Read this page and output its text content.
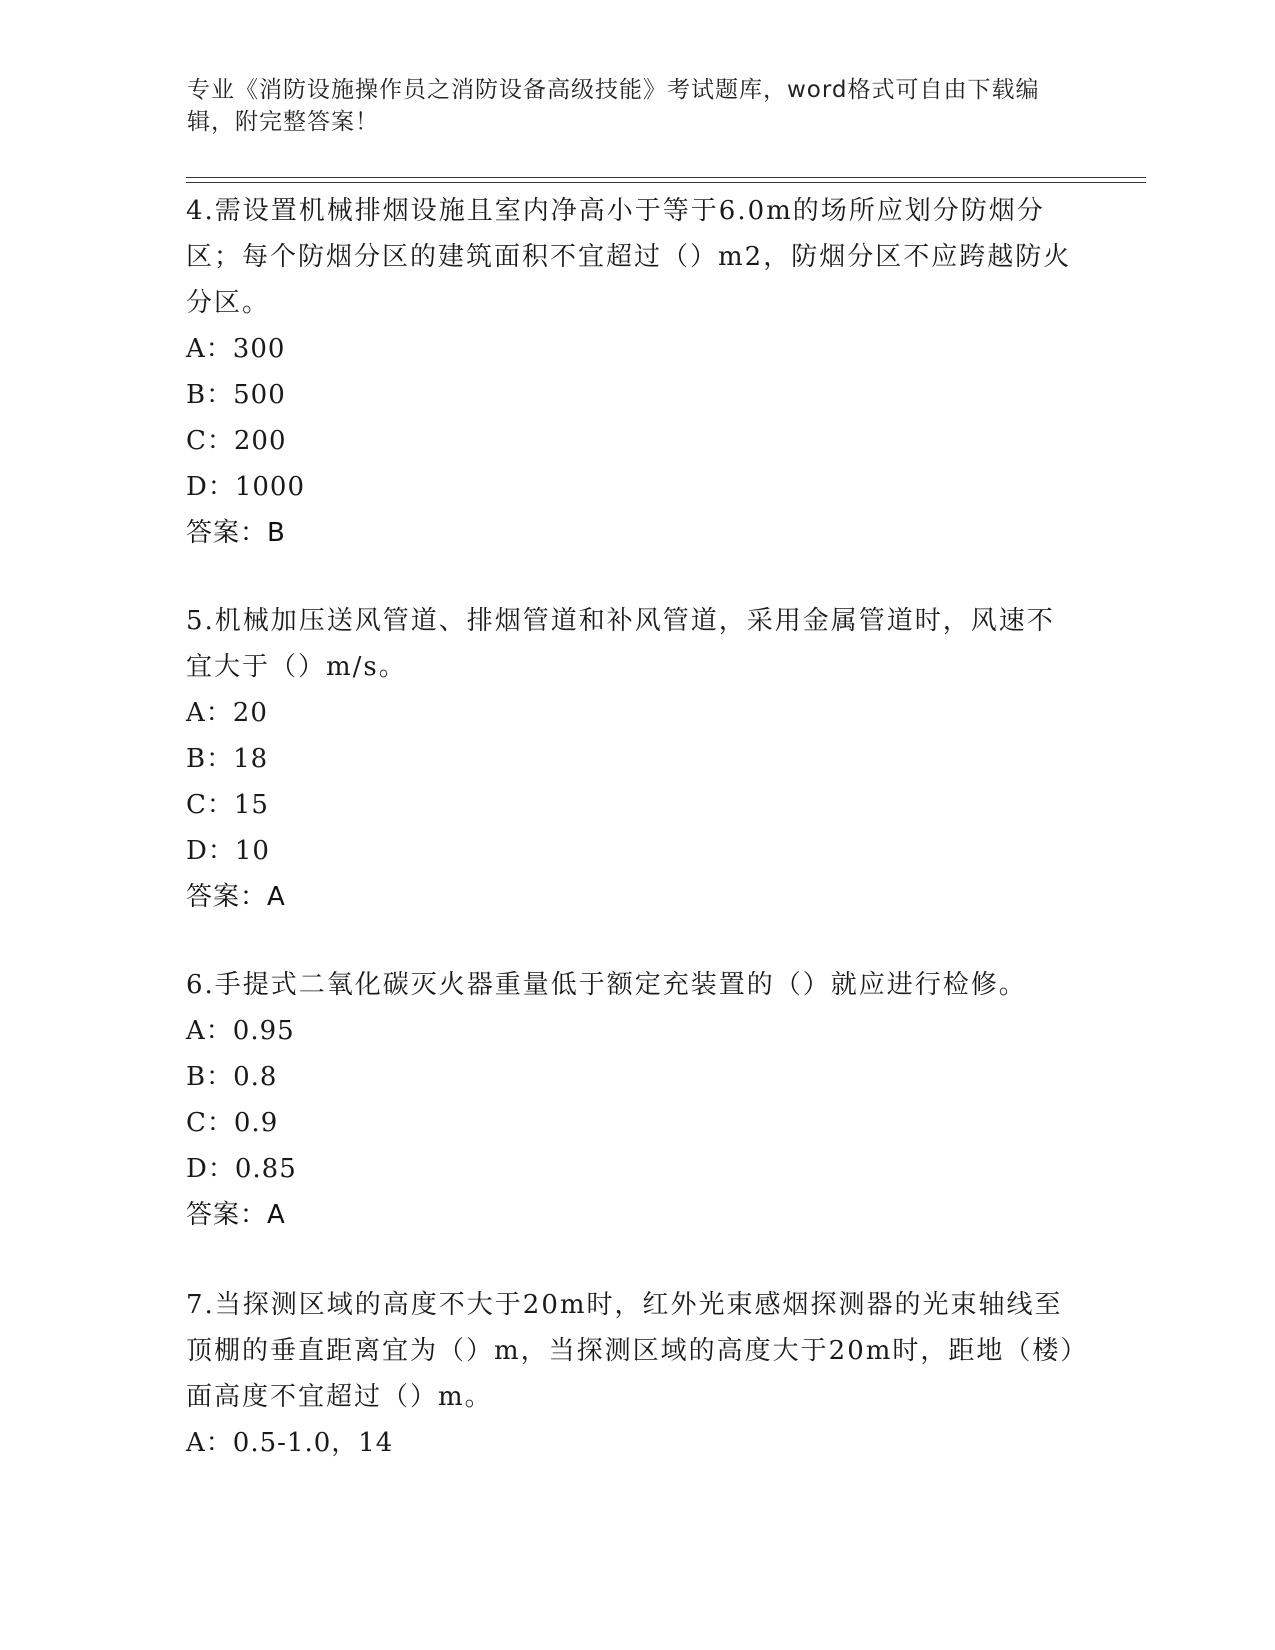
专业《消防设施操作员之消防设备高级技能》考试题库，word格式可自由下载编辑，附完整答案！

4.需设置机械排烟设施且室内净高小于等于6.0m的场所应划分防烟分区；每个防烟分区的建筑面积不宜超过（）m2，防烟分区不应跨越防火分区。

A：300

B：500

C：200

D：1000

答案：B

5.机械加压送风管道、排烟管道和补风管道，采用金属管道时，风速不宜大于（）m/s。

A：20

B：18

C：15

D：10

答案：A

6.手提式二氧化碳灭火器重量低于额定充装置的（）就应进行检修。

A：0.95

B：0.8

C：0.9

D：0.85

答案：A

7.当探测区域的高度不大于20m时，红外光束感烟探测器的光束轴线至顶棚的垂直距离宜为（）m，当探测区域的高度大于20m时，距地（楼）面高度不宜超过（）m。

A：0.5-1.0，14
